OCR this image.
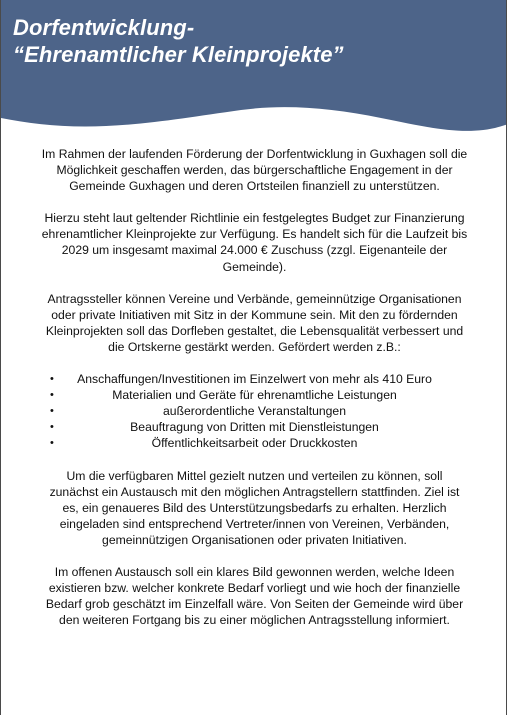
Dorfentwicklung-
“Ehrenamtlicher Kleinprojekte”

Im Rahmen der laufenden Förderung der Dorfentwicklung in Guxhagen soll die Möglichkeit geschaffen werden, das bürgerschaftliche Engagement in der Gemeinde Guxhagen und deren Ortsteilen finanziell zu unterstützen.

Hierzu steht laut geltender Richtlinie ein festgelegtes Budget zur Finanzierung ehrenamtlicher Kleinprojekte zur Verfügung. Es handelt sich für die Laufzeit bis 2029 um insgesamt maximal 24.000 € Zuschuss (zzgl. Eigenanteile der Gemeinde).

Antragssteller können Vereine und Verbände, gemeinnützige Organisationen oder private Initiativen mit Sitz in der Kommune sein. Mit den zu fördernden Kleinprojekten soll das Dorfleben gestaltet, die Lebensqualität verbessert und die Ortskerne gestärkt werden. Gefördert werden z.B.:

• Anschaffungen/Investitionen im Einzelwert von mehr als 410 Euro
•	Materialien und Geräte für ehrenamtliche Leistungen
•	außerordentliche Veranstaltungen
•	Beauftragung von Dritten mit Dienstleistungen
•	Öffentlichkeitsarbeit oder Druckkosten

Um die verfügbaren Mittel gezielt nutzen und verteilen zu können, soll zunächst ein Austausch mit den möglichen Antragstellern stattfinden. Ziel ist es, ein genaueres Bild des Unterstützungsbedarfs zu erhalten. Herzlich eingeladen sind entsprechend Vertreter/innen von Vereinen, Verbänden, gemeinnützigen Organisationen oder privaten Initiativen.

Im offenen Austausch soll ein klares Bild gewonnen werden, welche Ideen existieren bzw. welcher konkrete Bedarf vorliegt und wie hoch der finanzielle Bedarf grob geschätzt im Einzelfall wäre. Von Seiten der Gemeinde wird über den weiteren Fortgang bis zu einer möglichen Antragsstellung informiert.
